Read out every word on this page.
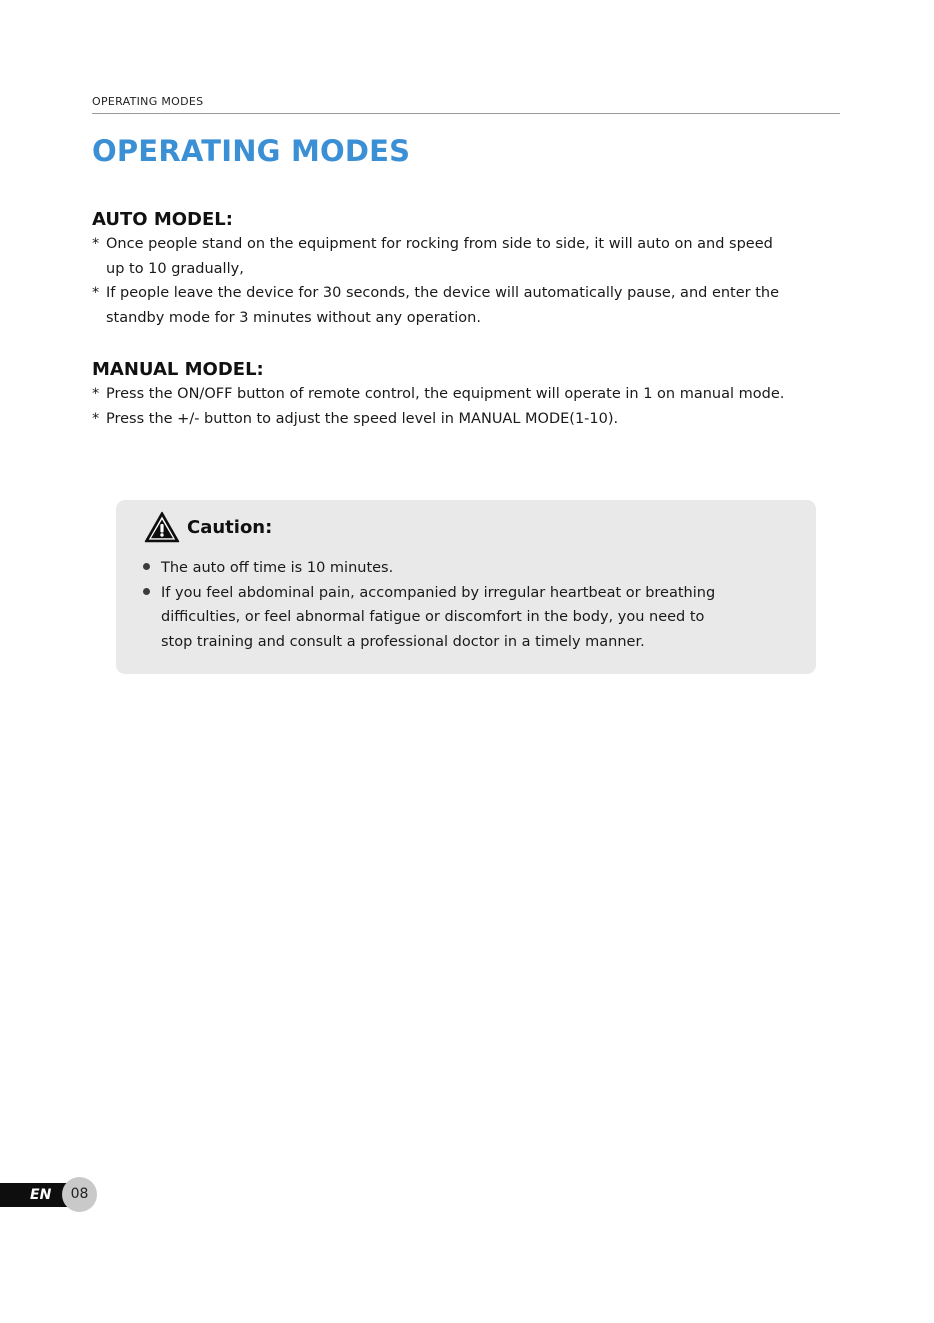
OPERATING MODES
OPERATING MODES
AUTO MODEL:
* Once people stand on the equipment for rocking from side to side, it will auto on and speed
up to 10 gradually,
* If people leave the device for 30 seconds, the device will automatically pause, and enter the
standby mode for 3 minutes without any operation.
MANUAL MODEL:
* Press the ON/OFF button of remote control, the equipment will operate in 1 on manual mode.
* Press the +/- button to adjust the speed level in MANUAL MODE(1-10).
Caution:
The auto off time is 10 minutes.
If you feel abdominal pain, accompanied by irregular heartbeat or breathing
difficulties, or feel abnormal fatigue or discomfort in the body, you need to
stop training and consult a professional doctor in a timely manner.
EN	08
